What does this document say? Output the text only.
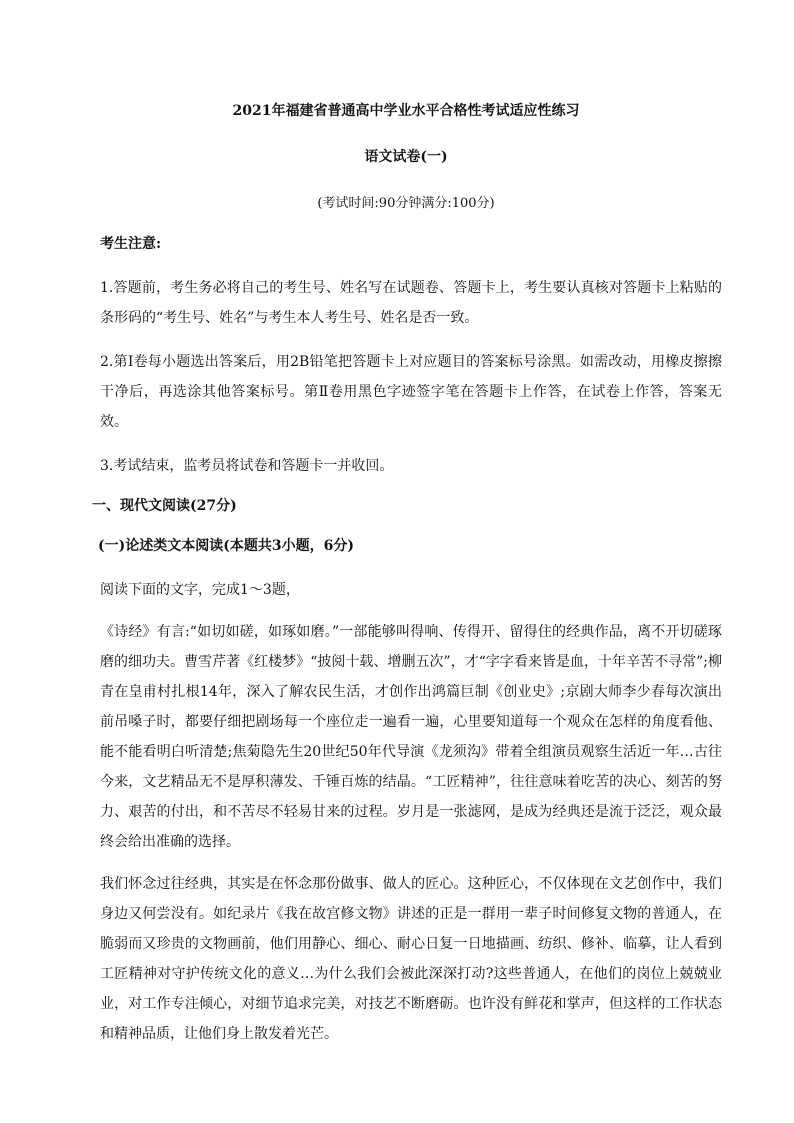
2021年福建省普通高中学业水平合格性考试适应性练习
语文试卷(一)
(考试时间:90分钟满分:100分)
考生注意:

1.答题前，考生务必将自己的考生号、姓名写在试题卷、答题卡上，考生要认真核对答题卡上粘贴的条形码的“考生号、姓名”与考生本人考生号、姓名是否一致。

2.第Ⅰ卷每小题选出答案后，用2B铅笔把答题卡上对应题目的答案标号涂黑。如需改动，用橡皮擦擦干净后，再选涂其他答案标号。第Ⅱ卷用黑色字迹签字笔在答题卡上作答，在试卷上作答，答案无效。

3.考试结束，监考员将试卷和答题卡一并收回。

一、现代文阅读(27分)
(一)论述类文本阅读(本题共3小题，6分)

阅读下面的文字，完成1～3题，

《诗经》有言:“如切如磋，如琢如磨。”一部能够叫得响、传得开、留得住的经典作品，离不开切磋琢磨的细功夫。曹雪芹著《红楼梦》“披阅十载、增删五次”，才“字字看来皆是血，十年辛苦不寻常”;柳青在皇甫村扎根14年，深入了解农民生活，才创作出鸿篇巨制《创业史》;京剧大师李少春每次演出前吊嗓子时，都要仔细把剧场每一个座位走一遍看一遍，心里要知道每一个观众在怎样的角度看他、能不能看明白听清楚;焦菊隐先生20世纪50年代导演《龙须沟》带着全组演员观察生活近一年…古往今来，文艺精品无不是厚积薄发、千锤百炼的结晶。“工匠精神”，往往意味着吃苦的决心、刻苦的努力、艰苦的付出，和不苦尽不轻易甘来的过程。岁月是一张滤网，是成为经典还是流于泛泛，观众最终会给出准确的选择。

我们怀念过往经典，其实是在怀念那份做事、做人的匠心。这种匠心，不仅体现在文艺创作中，我们身边又何尝没有。如纪录片《我在故宫修文物》讲述的正是一群用一辈子时间修复文物的普通人，在脆弱而又珍贵的文物画前，他们用静心、细心、耐心日复一日地描画、纺织、修补、临摹，让人看到工匠精神对守护传统文化的意义…为什么我们会被此深深打动?这些普通人，在他们的岗位上兢兢业业，对工作专注倾心，对细节追求完美，对技艺不断磨砺。也许没有鲜花和掌声，但这样的工作状态和精神品质，让他们身上散发着光芒。
